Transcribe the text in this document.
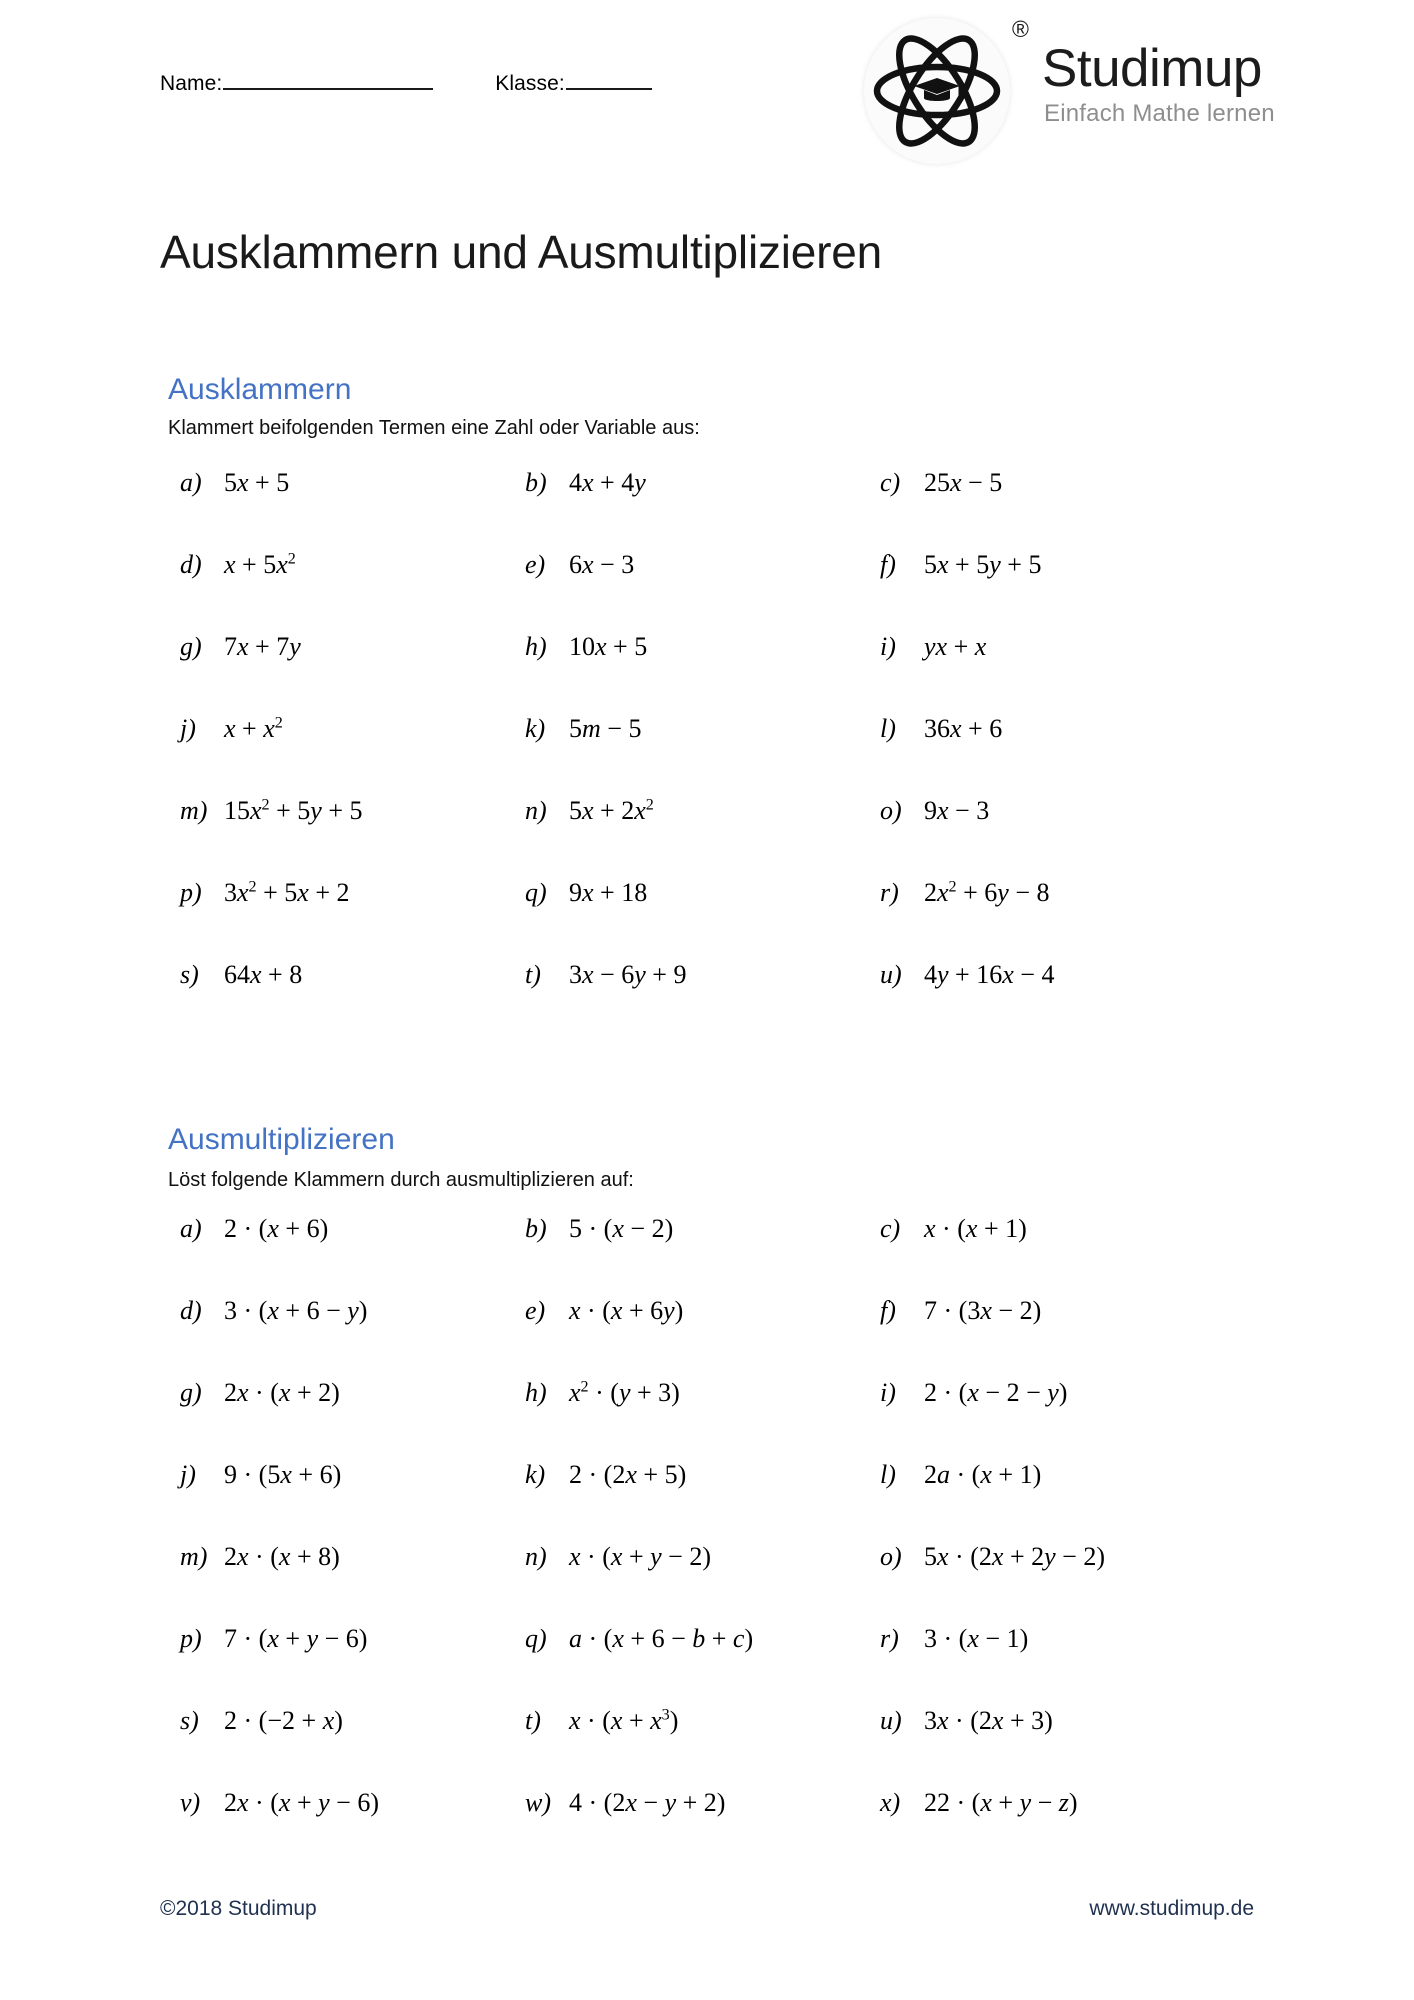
Name:	Klasse:
®
Studimup
Einfach Mathe lernen
Ausklammern und Ausmultiplizieren
Ausklammern

Klammert beifolgenden Termen eine Zahl oder Variable aus:

a) 5x + 5	b) 4x + 4y	c) 25x − 5
d) $x + 5x^2$	e) 6x − 3	f) 5x + 5y + 5
g) 7x + 7y	h) 10x + 5	i) yx + x
j) $x + x^2$	k) 5m − 5	l) 36x + 6
m) $15x^2 + 5y + 5$	n) $5x + 2x^2$	o) 9x − 3
p) $3x^2 + 5x + 2$	q) 9x + 18	r) $2x^2 + 6y - 8$
s) 64x + 8	t) 3x − 6y + 9	u) 4y + 16x − 4
Ausmultiplizieren

Löst folgende Klammern durch ausmultiplizieren auf:

a) 2 · (x + 6)	b) 5 · (x − 2)	c) x · (x + 1)
d) 3 · (x + 6 − y)	e) x · (x + 6y)	f) 7 · (3x − 2)
g) 2x · (x + 2)	h) $x^2 \cdot (y + 3)$	i) 2 · (x − 2 − y)
j) 9 · (5x + 6)	k) 2 · (2x + 5)	l) 2a · (x + 1)
m) 2x · (x + 8)	n) x · (x + y − 2)	o) 5x · (2x + 2y − 2)
p) 7 · (x + y − 6)	q) a · (x + 6 − b + c)	r) 3 · (x − 1)
s) 2 · (−2 + x)	t) $x \cdot (x + x^3)$	u) 3x · (2x + 3)
v) 2x · (x + y − 6)	w) 4 · (2x − y + 2)	x) 22 · (x + y − z)
©2018 Studimup	www.studimup.de
